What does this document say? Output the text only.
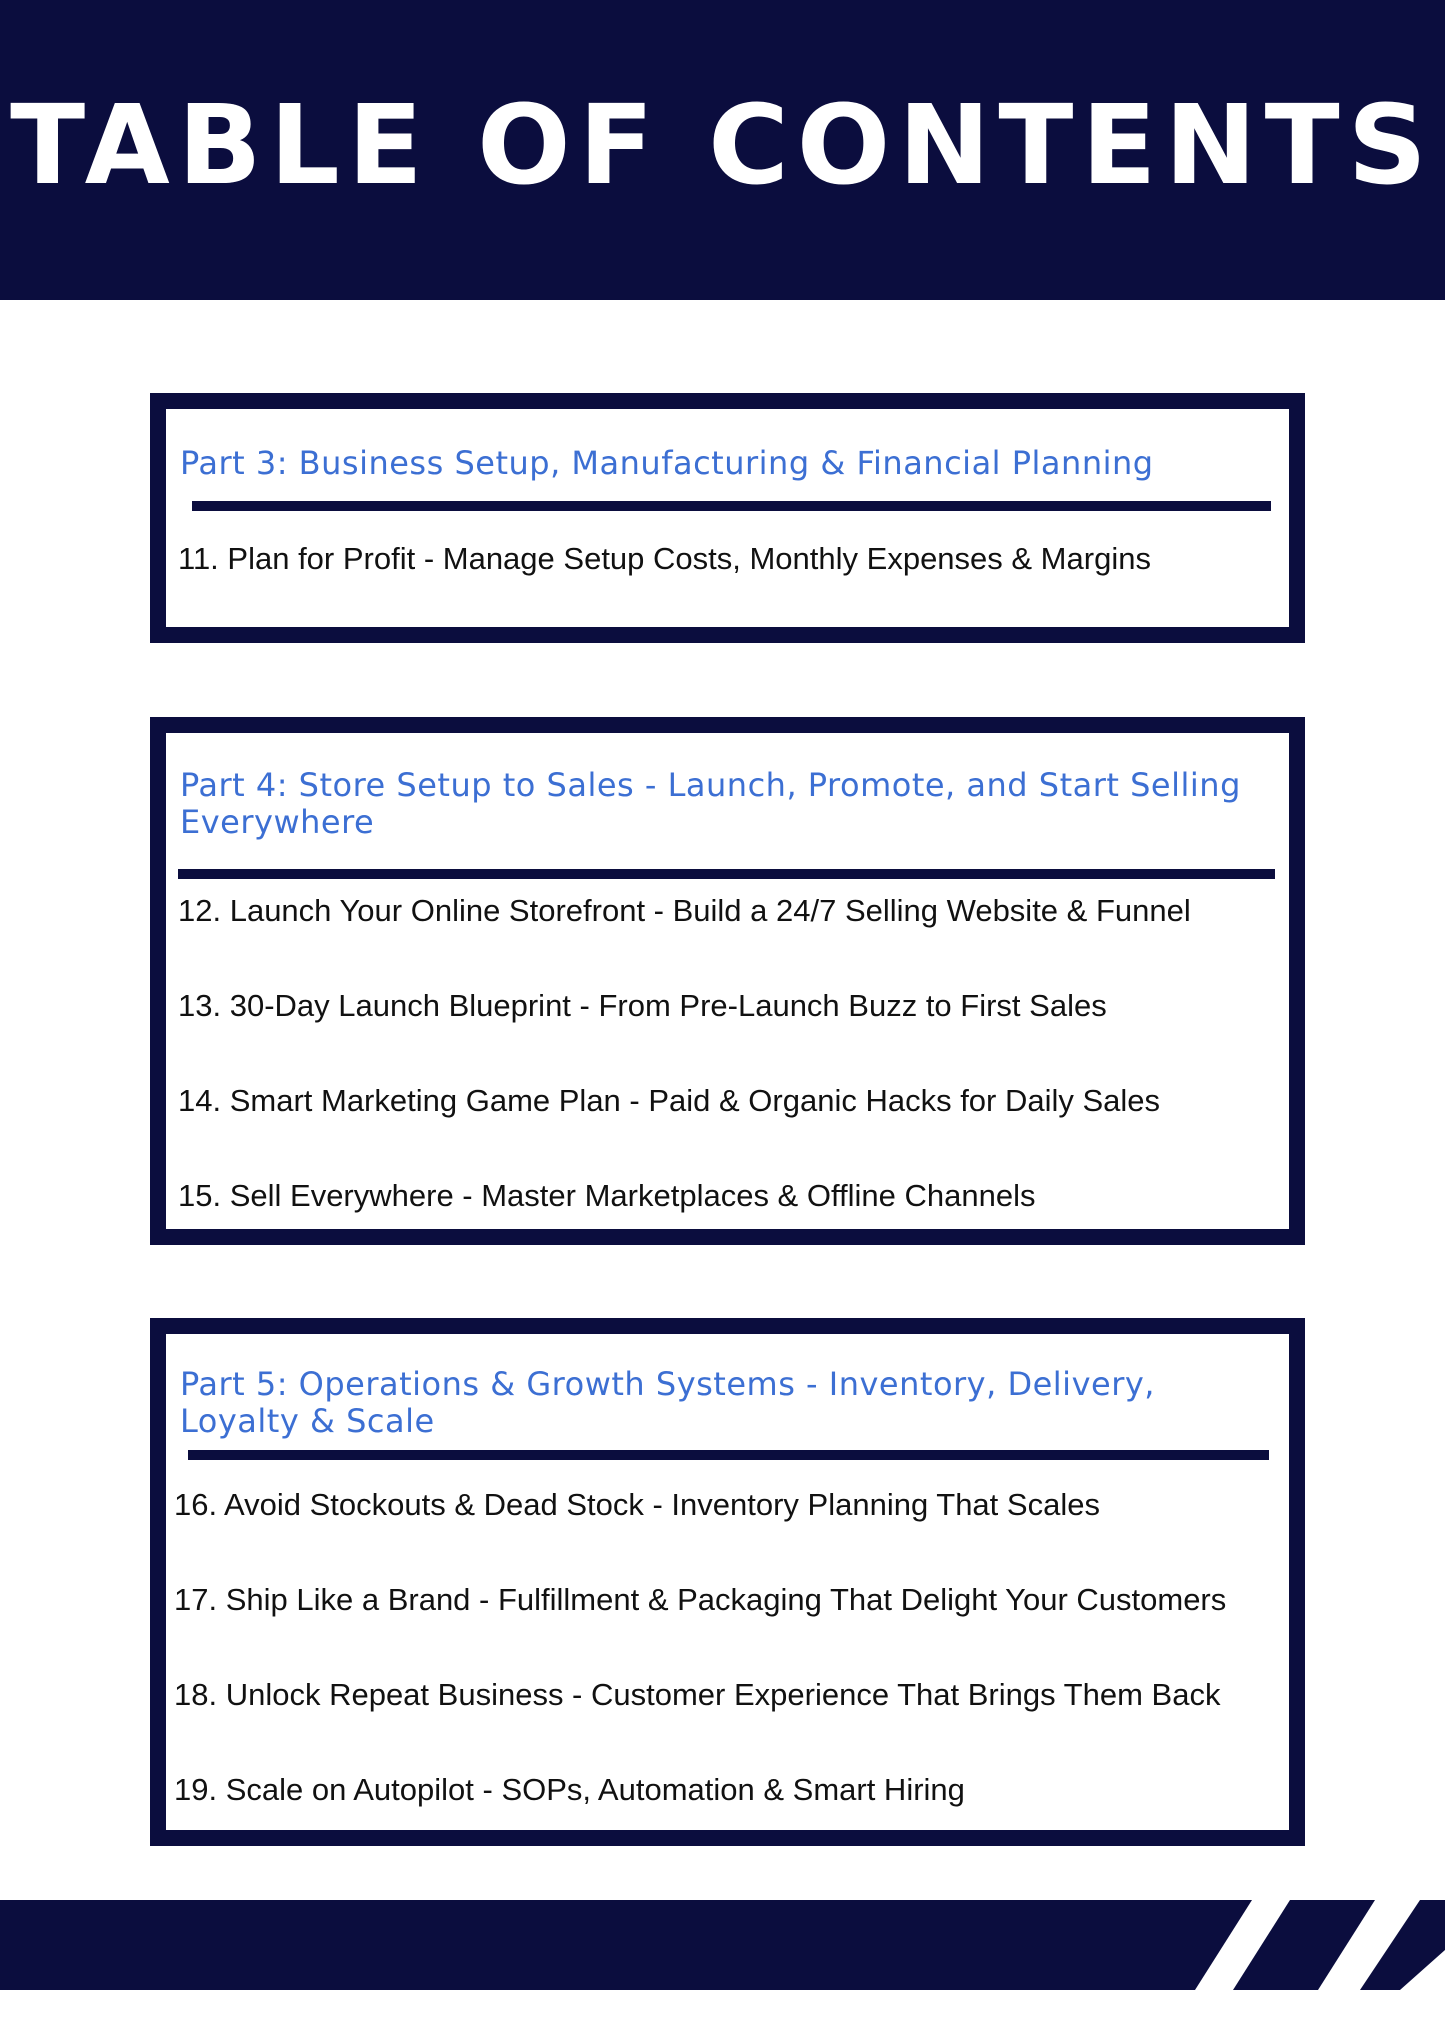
TABLE OF CONTENTS
Part 3: Business Setup, Manufacturing & Financial Planning
11. Plan for Profit - Manage Setup Costs, Monthly Expenses & Margins
Part 4: Store Setup to Sales - Launch, Promote, and Start Selling Everywhere
12. Launch Your Online Storefront - Build a 24/7 Selling Website & Funnel
13. 30-Day Launch Blueprint - From Pre-Launch Buzz to First Sales
14. Smart Marketing Game Plan - Paid & Organic Hacks for Daily Sales
15. Sell Everywhere - Master Marketplaces & Offline Channels
Part 5: Operations & Growth Systems - Inventory, Delivery, Loyalty & Scale
16. Avoid Stockouts & Dead Stock - Inventory Planning That Scales
17. Ship Like a Brand - Fulfillment & Packaging That Delight Your Customers
18. Unlock Repeat Business - Customer Experience That Brings Them Back
19. Scale on Autopilot - SOPs, Automation & Smart Hiring
